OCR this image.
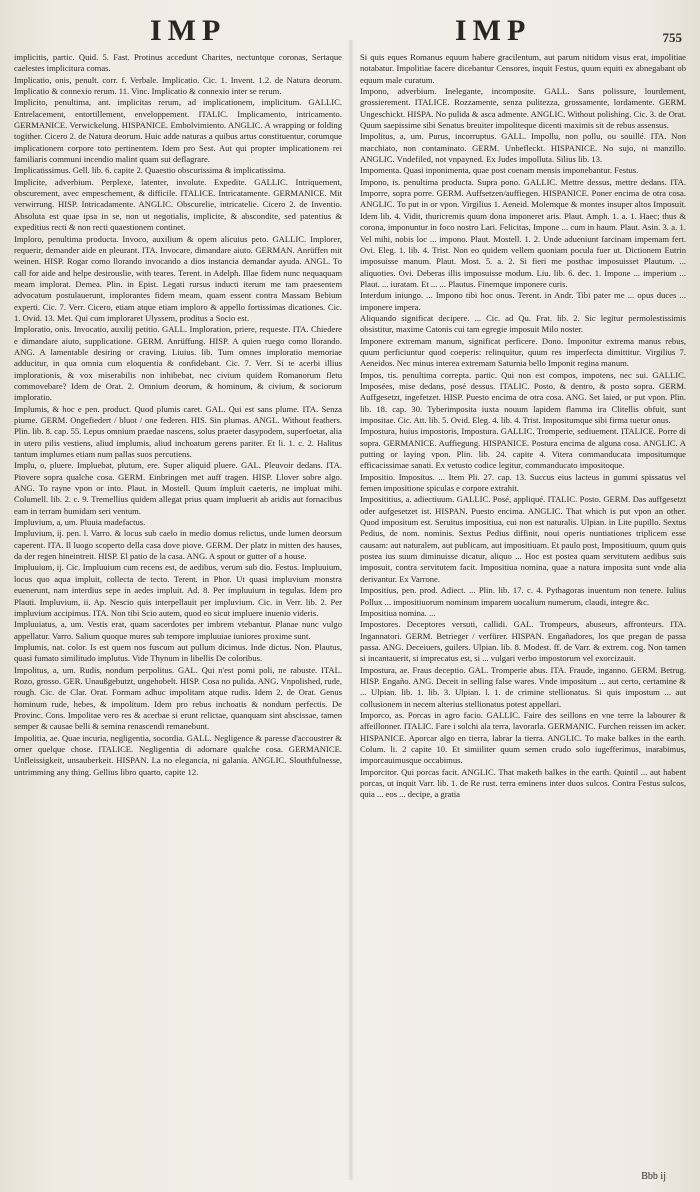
IMP	IMP	755

implicitis, partic. Quid. 5. Fast. Protinus accedunt Charites, nectuntque coronas, Sertaque caelestes implicitura comas.

Implicatio, onis, penult. corr. f. Verbale. Implicatio. Cic. 1. Invent. 1.2. de Natura deorum. Implicatio & connexio rerum. 11. Vinc. Implicatio & connexio inter se rerum.

Implicito, penultima, ant. implicitas rerum, ad implicationem, implicitum. GALLIC. Entrelacement, entortillement, enveloppement. ITALIC. Implicamento, intricamento. GERMANICE. Verwickelung. HISPANICE. Embolvimiento. ANGLIC. A wrapping or folding togither. Cicero 2. de Natura deorum. Huic adde naturas a quibus artus constituentur, corumque implicationem corpore toto pertinentem. Idem pro Sest. Aut qui propter implicationem rei familiaris communi incendio malint quam sui deflagrare.

Implicatissimus. Gell. lib. 6. capite 2. Quaestio obscurissima & implicatissima.

Implicite, adverbium. Perplexe, latenter, involute. Expedite. GALLIC. Intriquement, obscurement, avec empeschement, & difficile. ITALICE. Intricatamente. GERMANICE. Mit verwirrung. HISP. Intricadamente. ANGLIC. Obscurelie, intricatelie. Cicero 2. de Inventio. Absoluta est quae ipsa in se, non ut negotialis, implicite, & abscondite, sed patentius & expeditius recti & non recti quaestionem continet.

Imploro, penultima producta. Invoco, auxilium & opem alicuius peto. GALLIC. Implorer, requerir, demander aide en pleurant. ITA. Invocare, dimandare aiuto. GERMAN. Anrüffen mit weinen. HISP. Rogar como llorando invocando a dios instancia demandar ayuda. ANGL. To call for aide and helpe desirouslie, with teares. Terent. in Adelph. Illae fidem nunc nequaquam meam implorat. Demea. Plin. in Epist. Legati rursus inducti iterum me tam praesentem advocatum postulauerunt, implorantes fidem meam, quam essent contra Massam Bebium experti. Cic. 7. Verr. Cicero, etiam atque etiam imploro & appello fortissimas dicationes. Cic. 1. Ovid. 13. Met. Qui cum imploraret Ulyssem, proditus a Socio est.

Imploratio, onis. Invocatio, auxilij petitio. GALL. Imploration, priere, requeste. ITA. Chiedere e dimandare aiuto, supplicatione. GERM. Anrüffung. HISP. A quien ruego como llorando. ANG. A lamentable desiring or craving. Liuius. lib. Tum omnes imploratio memoriae adducitur, in qua omnia cum eloquentia & confidebant. Cic. 7. Verr. Si te acerbi illius implorationis, & vox miserabilis non inhibebat, nec civium quidem Romanorum fletu commovebare? Idem de Orat. 2. Omnium deorum, & hominum, & civium, & sociorum imploratio.

Implumis, & hoc e pen. product. Quod plumis caret. GAL. Qui est sans plume. ITA. Senza piume. GERM. Ongefiedert / bluot / one federen. HIS. Sin plumas. ANGL. Without feathers. Plin. lib. 8. cap. 55. Lepus omnium praedae nascens, solus praeter dasypodem, superfoetat, alia in utero pilis vestiens, aliud implumis, aliud inchoatum gerens pariter. Et li. 1. c. 2. Halitus tantum implumes etiam num pallas suos percutiens.

Implu, o, pluere. Impluebat, plutum, ere. Super aliquid pluere. GAL. Pleuvoir dedans. ITA. Piovere sopra qualche cosa. GERM. Einbringen met auff tragen. HISP. Llover sobre algo. ANG. To rayne vpon or into. Plaut. in Mostell. Quum impluit caeteris, ne impluat mihi. Columell. lib. 2. c. 9. Tremellius quidem allegat prius quam impluerit ab aridis aut fornacibus eam in terram humidam seri ventum.

Impluvium, a, um. Pluuia madefactus.

Impluvium, ij. pen. l. Varro. & locus sub caelo in medio domus relictus, unde lumen deorsum caperent. ITA. Il luogo scoperto della casa dove piove. GERM. Der platz in mitten des hauses, da der regen hineintreit. HISP. El patio de la casa. ANG. A spout or gutter of a house.

Impluuium, ij. Cic. Impluuium cum recens est, de aedibus, verum sub dio. Festus. Impluuium, locus quo aqua impluit, collecta de tecto. Terent. in Phor. Ut quasi impluvium monstra euenerunt, nam interdius sepe in aedes impluit. Ad. 8. Per impluuium in tegulas. Idem pro Plauti. Impluvium, ii. Ap. Nescio quis interpellauit per impluvium. Cic. in Verr. lib. 2. Per impluvium accipimus. ITA. Non tibi Scio autem, quod eo sicut impluere inuenio videris.

Impluuiatus, a, um. Vestis erat, quam sacerdotes per imbrem vtebantur. Planae nunc vulgo appellatur. Varro. Salium quoque mures sub tempore impluuiae iuniores proxime sunt.

Implumis, nat. color. Is est quem nos fuscum aut pullum dicimus. Inde dictus. Non. Plautus, quasi fumato similitudo implutus. Vide Thynum in libellis De coloribus.

Impolitus, a, um. Rudis, nondum perpolitus. GAL. Qui n'est pomi poli, ne rabuste. ITAL. Rozo, grosso. GER. Unaußgebutzt, ungehobelt. HISP. Cosa no pulida. ANG. Vnpolished, rude, rough. Cic. de Clar. Orat. Formam adhuc impolitam atque rudis. Idem 2. de Orat. Genus hominum rude, hebes, & impolitum. Idem pro rebus inchoatis & nondum perfectis. De Provinc. Cons. Impolitae vero res & acerbae si erunt relictae, quanquam sint abscissae, tamen semper & causae belli & semina renascendi remanebunt.

Impolitia, ae. Quae incuria, negligentia, socordia. GALL. Negligence & paresse d'accoustrer & orner quelque chose. ITALICE. Negligentia di adornare qualche cosa. GERMANICE. Unfleissigkeit, unsauberkeit. HISPAN. La no elegancia, ni galania. ANGLIC. Slouthfulnesse, untrimming any thing. Gellius libro quarto, capite 12.

Si quis eques Romanus equum habere gracilentum, aut parum nitidum visus erat, impolitiae notabatur. Impolitiae facere dicebantur Censores, inquit Festus, quum equiti ex abnegabant ob equum male curatum.

Impono, adverbium. Inelegante, incomposite. GALL. Sans polissure, lourdement, grossierement. ITALICE. Rozzamente, senza pulitezza, grossamente, lordamente. GERM. Ungeschickt. HISPA. No pulida & asca admente. ANGLIC. Without polishing. Cic. 3. de Orat. Quum saepissime sibi Senatus breuiter impoliteque dicenti maximis sit de rebus assensus.

Impolitus, a, um. Purus, incorruptus. GALL. Impollu, non pollu, ou souillé. ITA. Non macchiato, non contaminato. GERM. Unbefleckt. HISPANICE. No sujo, ni manzillo. ANGLIC. Vndefiled, not vnpayned. Ex Judes impolluta. Silius lib. 13.

Impomenta. Quasi inponimenta, quae post coenam mensis imponebantur. Festus.

Impono, is. penultima producta. Supra pono. GALLIC. Mettre dessus, mettre dedans. ITA. Imporre, sopra porre. GERM. Auffsetzen/auffiegen. HISPANICE. Poner encima de otra cosa. ANGLIC. To put in or vpon. Virgilius 1. Aeneid. Molemque & montes insuper altos Imposuit. Idem lib. 4. Vidit, thuricremis quum dona imponeret aris. Plaut. Amph. 1. a. 1. Haec; thus & corona, imponuntur in foco nostro Lari. Felicitas, Impone ... cum in haum. Plaut. Asin. 3. a. 1. Vel mihi, nobis loc ... impono. Plaut. Mostell. 1. 2. Unde adueniunt farcinam impemam fert. Ovi. Eleg. 1. lib. 4. Trist. Non eo quidem vellem quoniam pocula fuer ut. Dictionem Eutrin imposuisse manum. Plaut. Most. 5. a. 2. Si fieri me posthac imposuisset Plautum. ... aliquoties. Ovi. Deberas illis imposuisse modum. Liu. lib. 6. dec. 1. Impone ... imperium ... Plaut. ... iuratam. Et ... ... Plautus. Finemque imponere curis.

Interdum iniungo. ... Impono tibi hoc onus. Terent. in Andr. Tibi pater me ... opus duces ... imponere impera.

Aliquando significat decipere. ... Cic. ad Qu. Frat. lib. 2. Sic legitur permolestissimis obsistitur, maxime Catonis cui tam egregie imposuit Milo noster.

Imponere extremam manum, significat perficere. Dono. Imponitur extrema manus rebus, quum perficiuntur quod coeperis: relinquitur, quum res imperfecta dimittitur. Virgilius 7. Aeneidos. Nec minus interea extremam Saturnia bello Imponit regina manum.

Impos, tis. penultima correpta. partic. Qui non est compos, impotens, nec sui. GALLIC. Imposées, mise dedans, posé dessus. ITALIC. Posto, & dentro, & posto sopra. GERM. Auffgesetzt, ingefetzet. HISP. Puesto encima de otra cosa. ANG. Set laied, or put vpon. Plin. lib. 18. cap. 30. Tyberimposita iuxta nouum lapidem flamma ira Clitellis obfuit, sunt impositae. Cic. Att. lib. 5. Ovid. Eleg. 4. lib. 4. Trist. Impositumque sibi firma tuetur onus.

Impostura, huius impostoris, Impostura. GALLIC. Tromperie, sediuement. ITALICE. Porre di sopra. GERMANICE. Auffiegung. HISPANICE. Postura encima de alguna cosa. ANGLIC. A putting or laying vpon. Plin. lib. 24. capite 4. Vitera commanducata impositumque efficacissimae sanati. Ex vetusto codice legitur, commanducato impositoque.

Impositio. Impositus. ... Item Pli. 27. cap. 13. Succus eius lacteus in gummi spissatus vel femen impositione spiculas e corpore extrahit.

Imposititius, a. adiectiuum. GALLIC. Posé, appliqué. ITALIC. Posto. GERM. Das auffgesetzt oder aufgesetzet ist. HISPAN. Puesto encima. ANGLIC. That which is put vpon an other. Quod impositum est. Seruitus impositiua, cui non est naturalis. Ulpian. in Lite pupillo. Sextus Pedius, de nom. nominis. Sextus Pedius diffinit, noui operis nuntiationes triplicem esse causam: aut naturalem, aut publicam, aut impositiuam. Et paulo post, Impositiuum, quum quis postea ius suum diminuisse dicatur, aliquo ... Hoc est postea quam servitutem aedibus suis imposuit, contra servitutem facit. Impositiua nomina, quae a natura imposita sunt vnde alia derivantur. Ex Varrone.

Impositius, pen. prod. Adiect. ... Plin. lib. 17. c. 4. Pythagoras inuentum non tenere. Iulius Pollux ... impositiuorum nominum imparem uocalium numerum, claudi, integre &c.

Impositiua nomina. ...

Impostores. Deceptores versuti, callidi. GAL. Trompeurs, abuseurs, affronteurs. ITA. Ingannatori. GERM. Betrieger / verfürer. HISPAN. Engañadores, los que pregan de passa passa. ANG. Deceiuers, guilers. Ulpian. lib. 8. Modest. ff. de Varr. & extrem. cog. Non tamen si incantauerit, si imprecatus est, si ... vulgari verbo impostorum vel exorcizauit.

Impostura, ae. Fraus deceptio. GAL. Tromperie abus. ITA. Fraude, inganno. GERM. Betrug. HISP. Engaño. ANG. Deceit in selling false wares. Vnde impositum ... aut certo, certamine & ... Ulpian. lib. 1. lib. 3. Ulpian. l. 1. de crimine stellionatus. Si quis impostum ... aut collusionem in necem alterius stellionatus potest appellari.

Imporco, as. Porcas in agro facio. GALLIC. Faire des seillons en vne terre la labourer & affeillonner. ITALIC. Fare i solchi ala terra, lavorarla. GERMANIC. Furchen reissen im acker. HISPANICE. Aporcar algo en tierra, labrar la tierra. ANGLIC. To make balkes in the earth. Colum. li. 2 capite 10. Et simiiliter quum semen crudo solo iugefferimus, inarabimus, imporcauimusque occabimus.

Imporcitor. Qui porcas facit. ANGLIC. That maketh balkes in the earth. Quintil ... aut habent porcas, ut inquit Varr. lib. 1. de Re rust. terra eminens inter duos sulcos. Contra Festus sulcos, quia ... eos ... decipe, a gratia

Bbb ij
